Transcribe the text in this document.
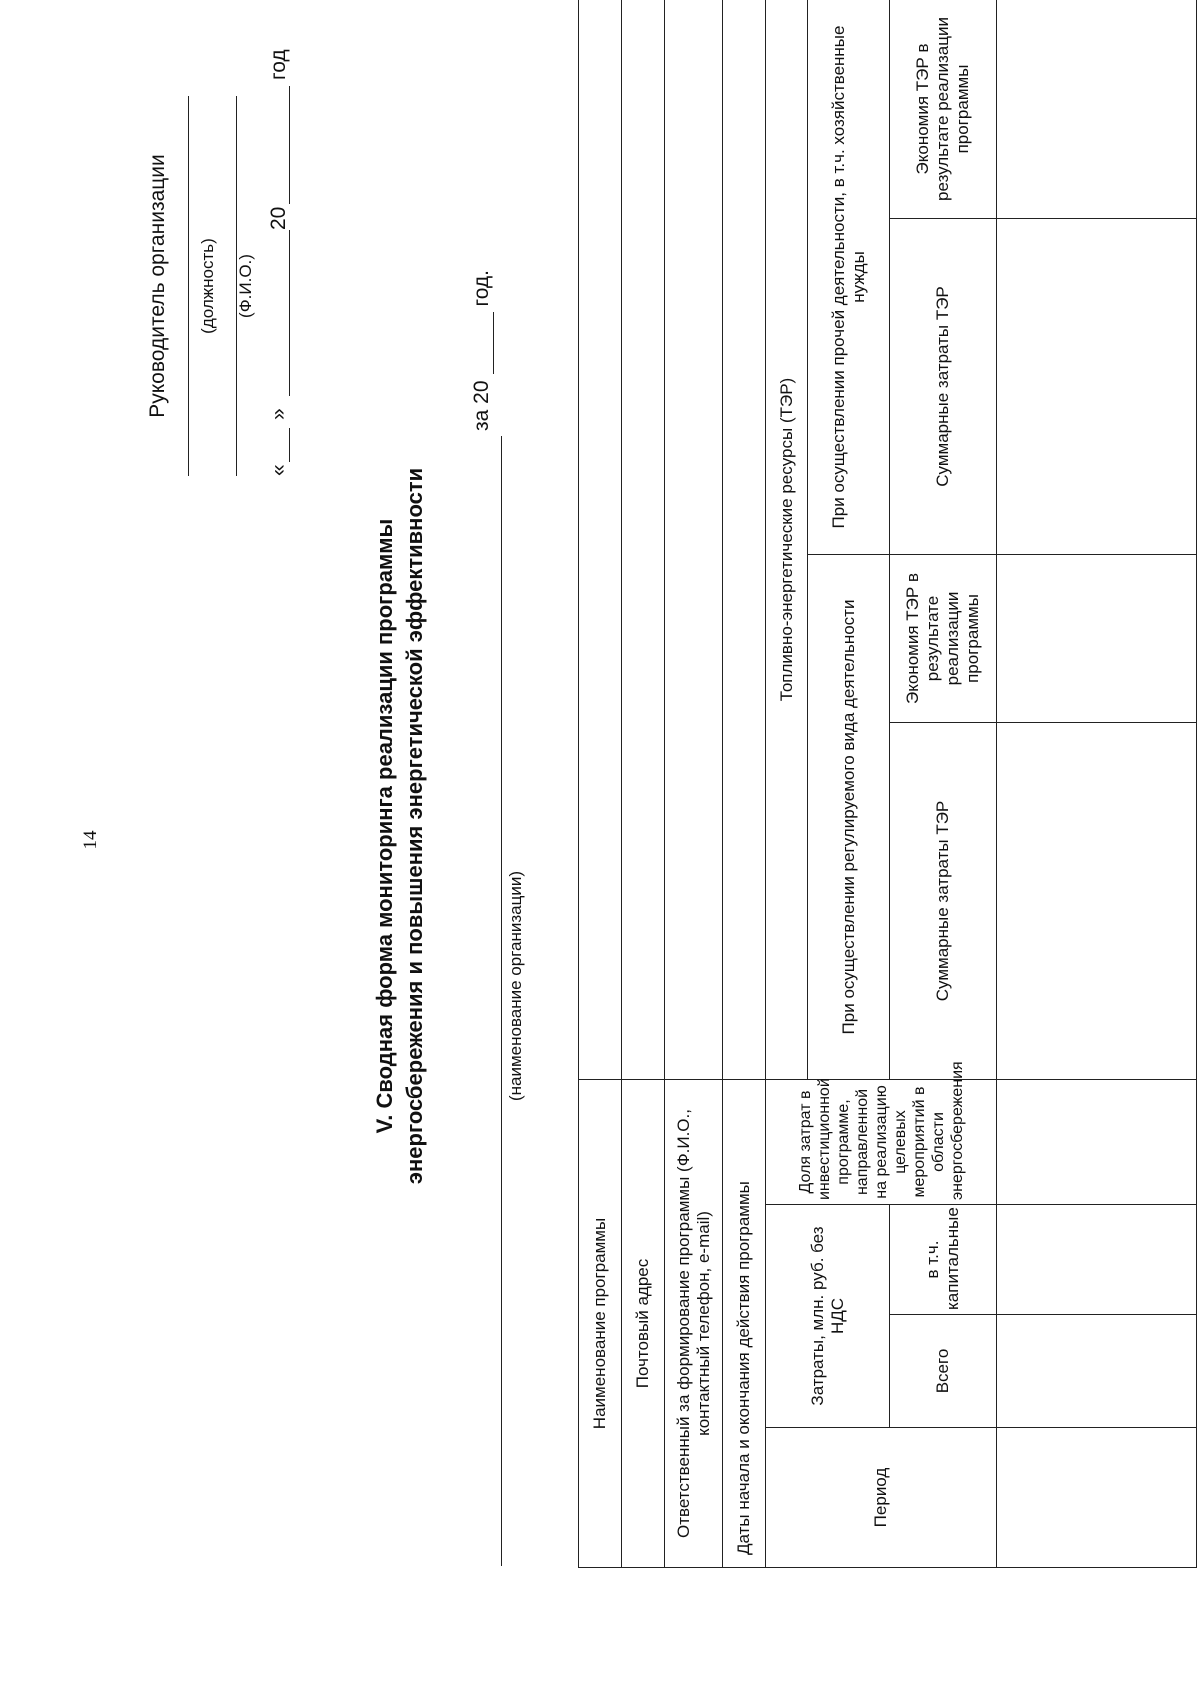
14
Руководитель организации (должность) (Ф.И.О.)
«
»
20
год
V. Сводная форма мониторинга реализации программы энергосбережения и повышения энергетической эффективности	(наименование организации)
за 20год.
Наименование программы							
Почтовый адрес							

Ответственный за формирование программы (Ф.И.О., контактный телефон, e-mail)							

Даты начала и окончания действия программы							
Период	Затраты, млн. руб. без НДС		Доля затрат в инвестиционной программе, направленной на реализацию целевых мероприятий в области энергосбережения	Топливно-энергетические ресурсы (ТЭР)			
				При осуществлении регулируемого вида деятельности		При осуществлении прочей деятельности, в т.ч. хозяйственные нужды	
	Всего	в т.ч. капитальные		Суммарные затраты ТЭР	Экономия ТЭР в результате реализации программы	Суммарные затраты ТЭР	Экономия ТЭР в результате реализации программы
